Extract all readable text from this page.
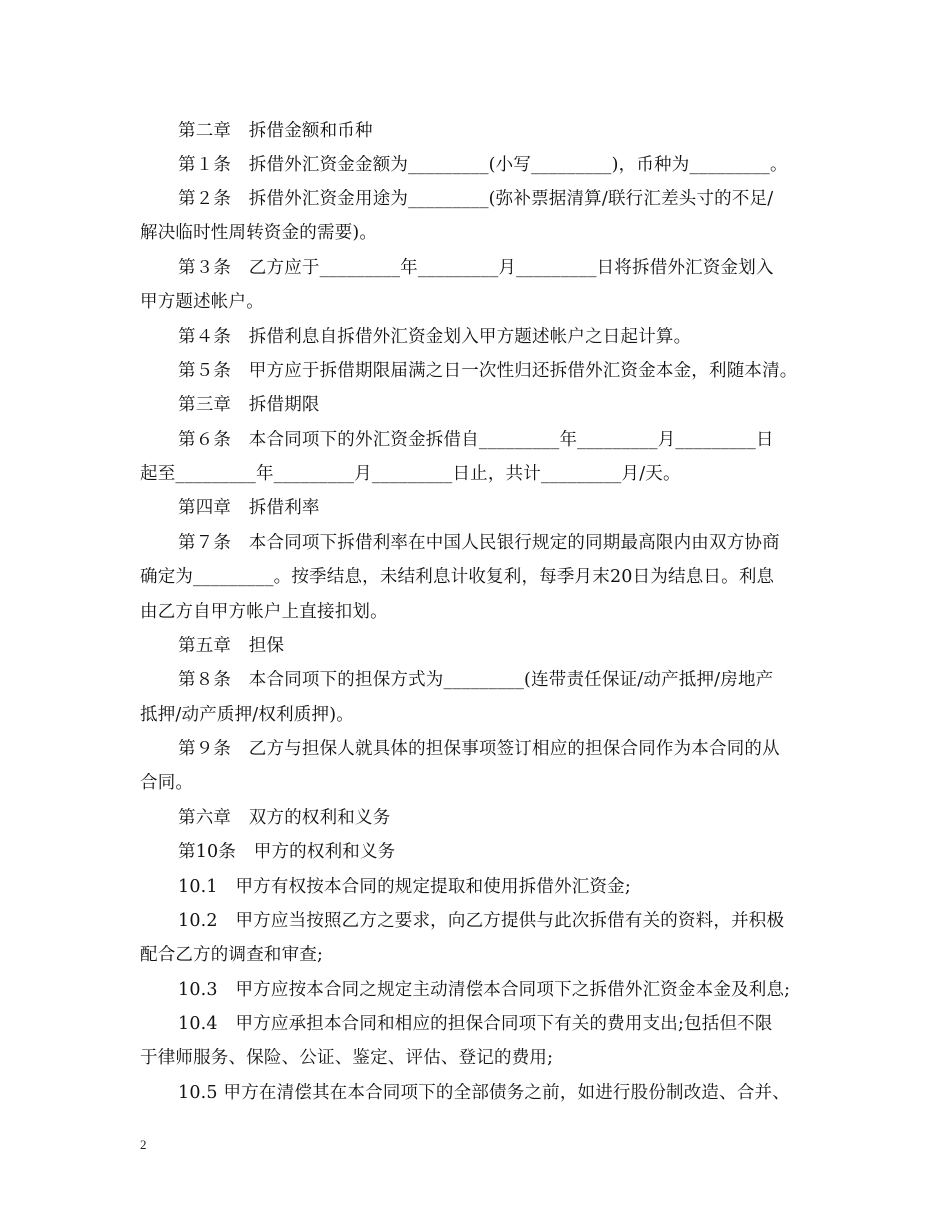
第二章　拆借金额和币种
第１条　拆借外汇资金金额为_________(小写_________)，币种为_________。
第２条　拆借外汇资金用途为_________(弥补票据清算/联行汇差头寸的不足/
解决临时性周转资金的需要)。
第３条　乙方应于_________年_________月_________日将拆借外汇资金划入
甲方题述帐户。
第４条　拆借利息自拆借外汇资金划入甲方题述帐户之日起计算。
第５条　甲方应于拆借期限届满之日一次性归还拆借外汇资金本金，利随本清。
第三章　拆借期限
第６条　本合同项下的外汇资金拆借自_________年_________月_________日
起至_________年_________月_________日止，共计_________月/天。
第四章　拆借利率
第７条　本合同项下拆借利率在中国人民银行规定的同期最高限内由双方协商
确定为_________。按季结息，未结利息计收复利，每季月末20日为结息日。利息
由乙方自甲方帐户上直接扣划。
第五章　担保
第８条　本合同项下的担保方式为_________(连带责任保证/动产抵押/房地产
抵押/动产质押/权利质押)。
第９条　乙方与担保人就具体的担保事项签订相应的担保合同作为本合同的从
合同。
第六章　双方的权利和义务
第10条　甲方的权利和义务
10.1　甲方有权按本合同的规定提取和使用拆借外汇资金;
10.2　甲方应当按照乙方之要求，向乙方提供与此次拆借有关的资料，并积极
配合乙方的调查和审查;
10.3　甲方应按本合同之规定主动清偿本合同项下之拆借外汇资金本金及利息;
10.4　甲方应承担本合同和相应的担保合同项下有关的费用支出;包括但不限
于律师服务、保险、公证、鉴定、评估、登记的费用;
10.5 甲方在清偿其在本合同项下的全部债务之前，如进行股份制改造、合并、
2
